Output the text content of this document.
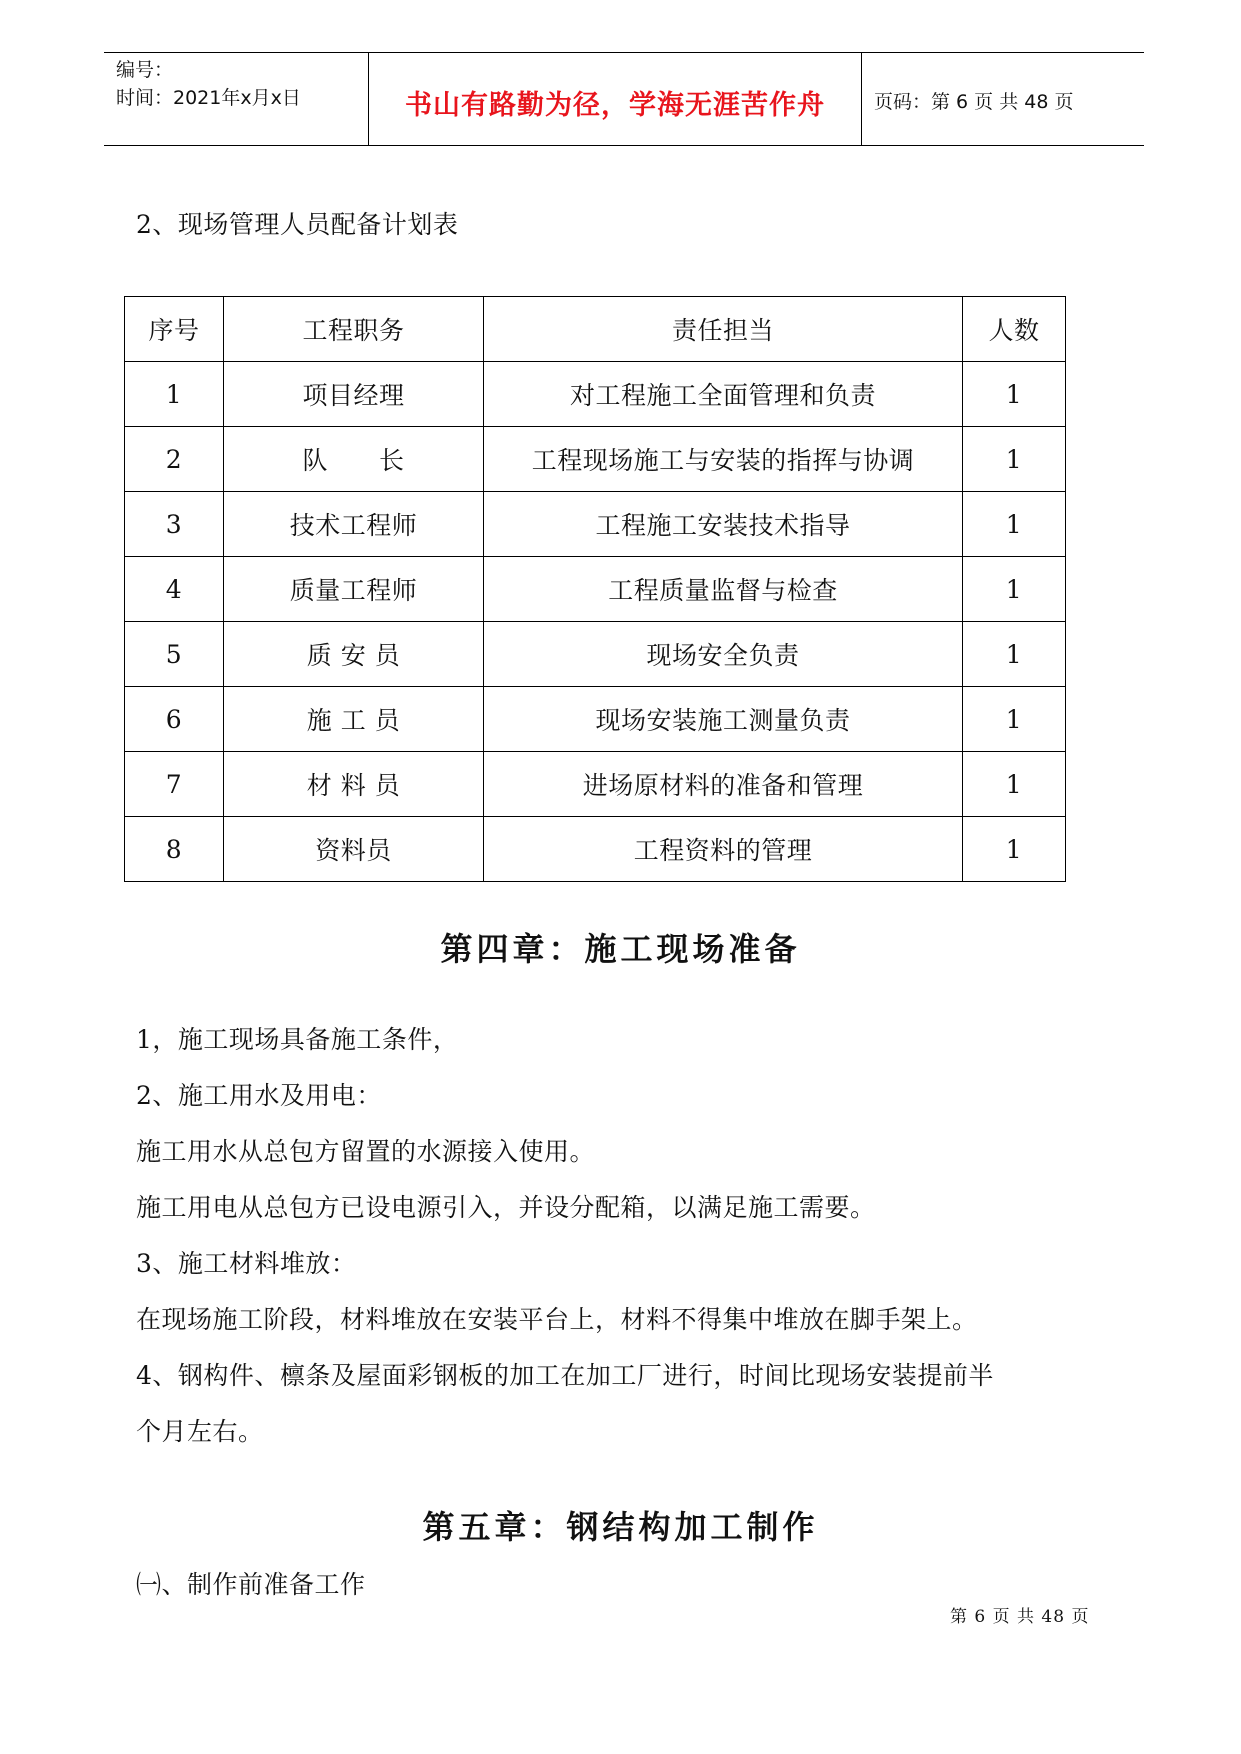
编号：
时间：2021年x月x日	书山有路勤为径，学海无涯苦作舟	页码：第 6 页 共 48 页
2、现场管理人员配备计划表
序号	工程职务	责任担当	人数
1	项目经理	对工程施工全面管理和负责	1
2	队　　长	工程现场施工与安装的指挥与协调	1
3	技术工程师	工程施工安装技术指导	1
4	质量工程师	工程质量监督与检查	1
5	质 安 员	现场安全负责	1
6	施 工 员	现场安装施工测量负责	1
7	材 料 员	进场原材料的准备和管理	1
8	资料员	工程资料的管理	1
第四章：施工现场准备
1，施工现场具备施工条件，
2、施工用水及用电：
施工用水从总包方留置的水源接入使用。
施工用电从总包方已设电源引入，并设分配箱，以满足施工需要。
3、施工材料堆放：
在现场施工阶段，材料堆放在安装平台上，材料不得集中堆放在脚手架上。
4、钢构件、檩条及屋面彩钢板的加工在加工厂进行，时间比现场安装提前半
个月左右。
第五章：钢结构加工制作
㈠、制作前准备工作
第 6 页 共 48 页
